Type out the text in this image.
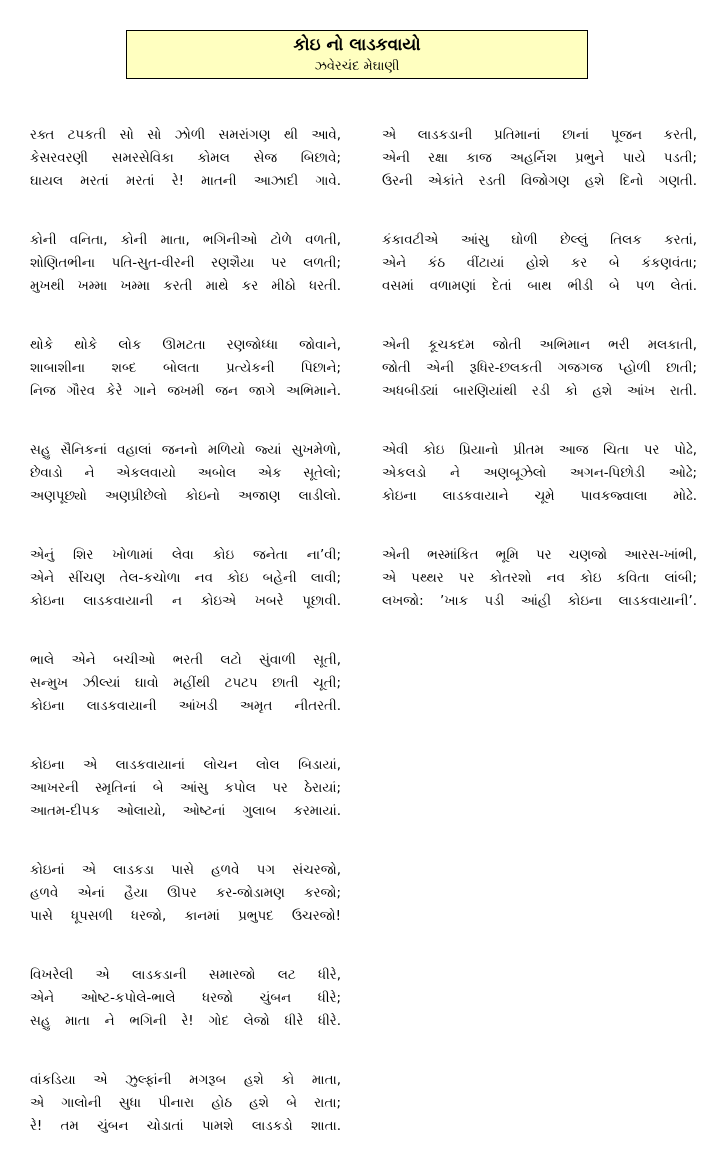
કોઇ નો લાડકવાયો
ઝવેરચંદ મેઘાણી
રક્ત ટપકતી સો સો ઝોળી સમરાંગણ થી આવે,
કેસરવરણી સમરસેવિકા કોમલ સેજ બિછાવે;
ઘાયલ મરતાં મરતાં રે! માતની આઝાદી ગાવે.
કોની વનિતા, કોની માતા, ભગિનીઓ ટોળે વળતી,
શોણિતભીના પતિ-સુત-વીરની રણશૈયા પર લળતી;
મુખથી ખમ્મા ખમ્મા કરતી માથે કર મીઠો ધરતી.
થોકે થોકે લોક ઊમટતા રણજોધ્ધા જોવાને,
શાબાશીના શબ્દ બોલતા પ્રત્યેકની પિછાને;
નિજ ગૌરવ કેરે ગાને જખમી જન જાગે અભિમાને.
સહુ સૈનિકનાં વહાલાં જનનો મળિયો જ્યાં સુખમેળો,
છેવાડો ને એકલવાયો અબોલ એક સૂતેલો;
અણપૂછ્યો અણપ્રીછેલો કોઇનો અજાણ લાડીલો.
એનું શિર ખોળામાં લેવા કોઇ જનેતા ના’વી;
એને સીંચણ તેલ-કચોળા નવ કોઇ બહેની લાવી;
કોઇના લાડકવાયાની ન કોઇએ ખબરે પૂછાવી.
ભાલે એને બચીઓ ભરતી લટો સુંવાળી સૂતી,
સન્મુખ ઝીલ્યાં ઘાવો મહીંથી ટપટપ છાતી ચૂતી;
કોઇના લાડકવાયાની આંખડી અમૃત નીતરતી.
કોઇના એ લાડકવાયાનાં લોચન લોલ બિડાયાં,
આખરની સ્મૃતિનાં બે આંસુ કપોલ પર ઠેરાયાં;
આતમ-દીપક ઓલાયો, ઓષ્ટનાં ગુલાબ કરમાયાં.
કોઇનાં એ લાડકડા પાસે હળવે પગ સંચરજો,
હળવે એનાં હૈયા ઊપર કર-જોડામણ કરજો;
પાસે ધૂપસળી ધરજો, કાનમાં પ્રભુપદ ઉચરજો!
વિખરેલી એ લાડકડાની સમારજો લટ ધીરે,
એને ઓષ્ટ-કપોલે-ભાલે ધરજો ચુંબન ધીરે;
સહુ માતા ને ભગિની રે! ગોદ લેજો ધીરે ધીરે.
વાંકડિયા એ ઝુલ્ફાંની મગરૂબ હશે કો માતા,
એ ગાલોની સુધા પીનારા હોઠ હશે બે રાતા;
રે! તમ ચુંબન ચોડાતાં પામશે લાડકડો શાતા.
એ લાડકડાની પ્રતિમાનાં છાનાં પૂજન કરતી,
એની રક્ષા કાજ અહર્નિશ પ્રભુને પાયે પડતી;
ઉરની એકાંતે રડતી વિજોગણ હશે દિનો ગણતી.
કંકાવટીએ આંસુ ઘોળી છેલ્લું તિલક કરતાં,
એને કંઠ વીંટાયાં હોશે કર બે કંકણવંતા;
વસમાં વળામણાં દેતાં બાથ ભીડી બે પળ લેતાં.
એની કૂચકદમ જોતી અભિમાન ભરી મલકાતી,
જોતી એની રૂધિર-છલકતી ગજગજ પ્હોળી છાતી;
અધબીડ્યાં બારણિયાંથી રડી કો હશે આંખ રાતી.
એવી કોઇ પ્રિયાનો પ્રીતમ આજ ચિતા પર પોઢે,
એકલડો ને અણબૂઝેલો અગન-પિછોડી ઓઢે;
કોઇના લાડકવાયાને ચૂમે પાવકજ્વાલા મોઢે.
એની ભસ્માંકિત ભૂમિ પર ચણજો આરસ-ખાંભી,
એ પથ્થર પર કોતરશો નવ કોઇ કવિતા લાંબી;
લખજો: ’ખાક પડી આંહી કોઇના લાડકવાયાની’.
